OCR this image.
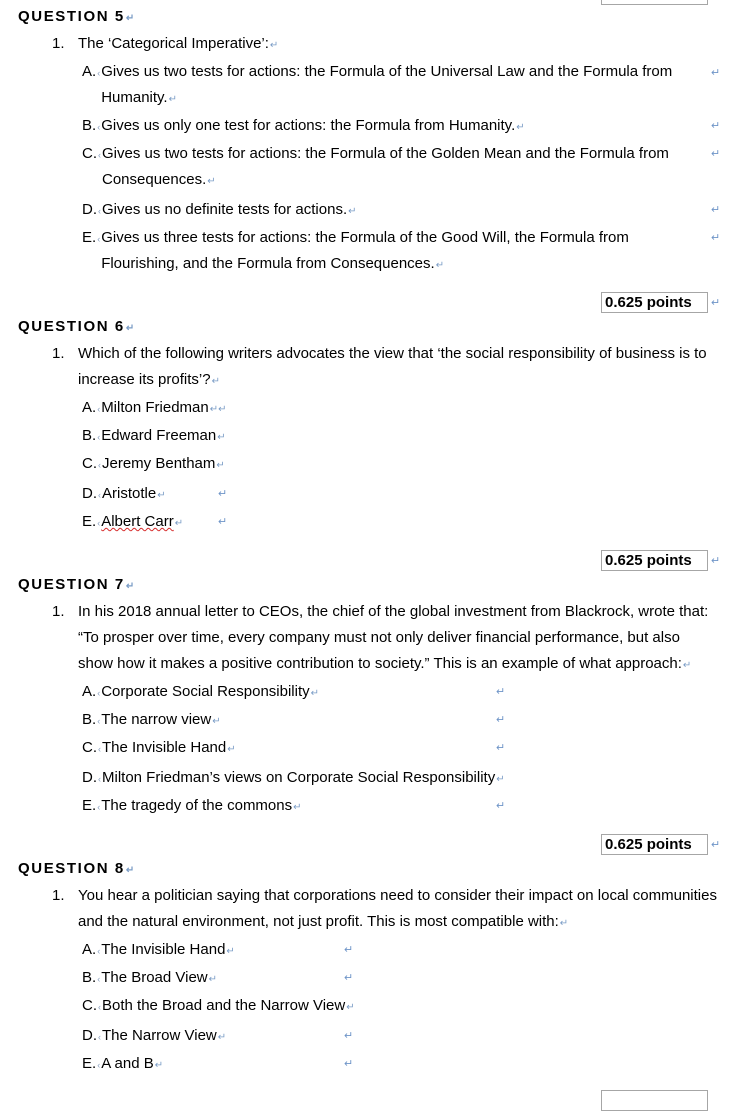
QUESTION 5↵
1. The ‘Categorical Imperative’:↵
A.‹Gives us two tests for actions: the Formula of the Universal Law and the Formula from Humanity.↵
B.‹Gives us only one test for actions: the Formula from Humanity.↵
C.‹Gives us two tests for actions: the Formula of the Golden Mean and the Formula from Consequences.↵
D.‹Gives us no definite tests for actions.↵
E.‹Gives us three tests for actions: the Formula of the Good Will, the Formula from Flourishing, and the Formula from Consequences.↵
↵
↵
↵
↵
↵
0.625 points	↵
QUESTION 6↵
1. Which of the following writers advocates the view that ‘the social responsibility of business is to increase its profits’?↵
A.‹Milton Friedman↵↵
B.‹Edward Freeman↵
C.‹Jeremy Bentham↵
D.‹Aristotle↵
E.‹Albert Carr↵
↵
↵
0.625 points	↵
QUESTION 7↵
1. In his 2018 annual letter to CEOs, the chief of the global investment from Blackrock, wrote that: “To prosper over time, every company must not only deliver financial performance, but also show how it makes a positive contribution to society.” This is an example of what approach:↵
A.‹Corporate Social Responsibility↵
B.‹The narrow view↵
C.‹The Invisible Hand↵
D.‹Milton Friedman’s views on Corporate Social Responsibility↵
E.‹The tragedy of the commons↵
↵
↵
↵
↵
0.625 points	↵
QUESTION 8↵
1. You hear a politician saying that corporations need to consider their impact on local communities and the natural environment, not just profit. This is most compatible with:↵
A.‹The Invisible Hand↵
B.‹The Broad View↵
C.‹Both the Broad and the Narrow View↵
D.‹The Narrow View↵
E.‹A and B↵
↵
↵
↵
↵
